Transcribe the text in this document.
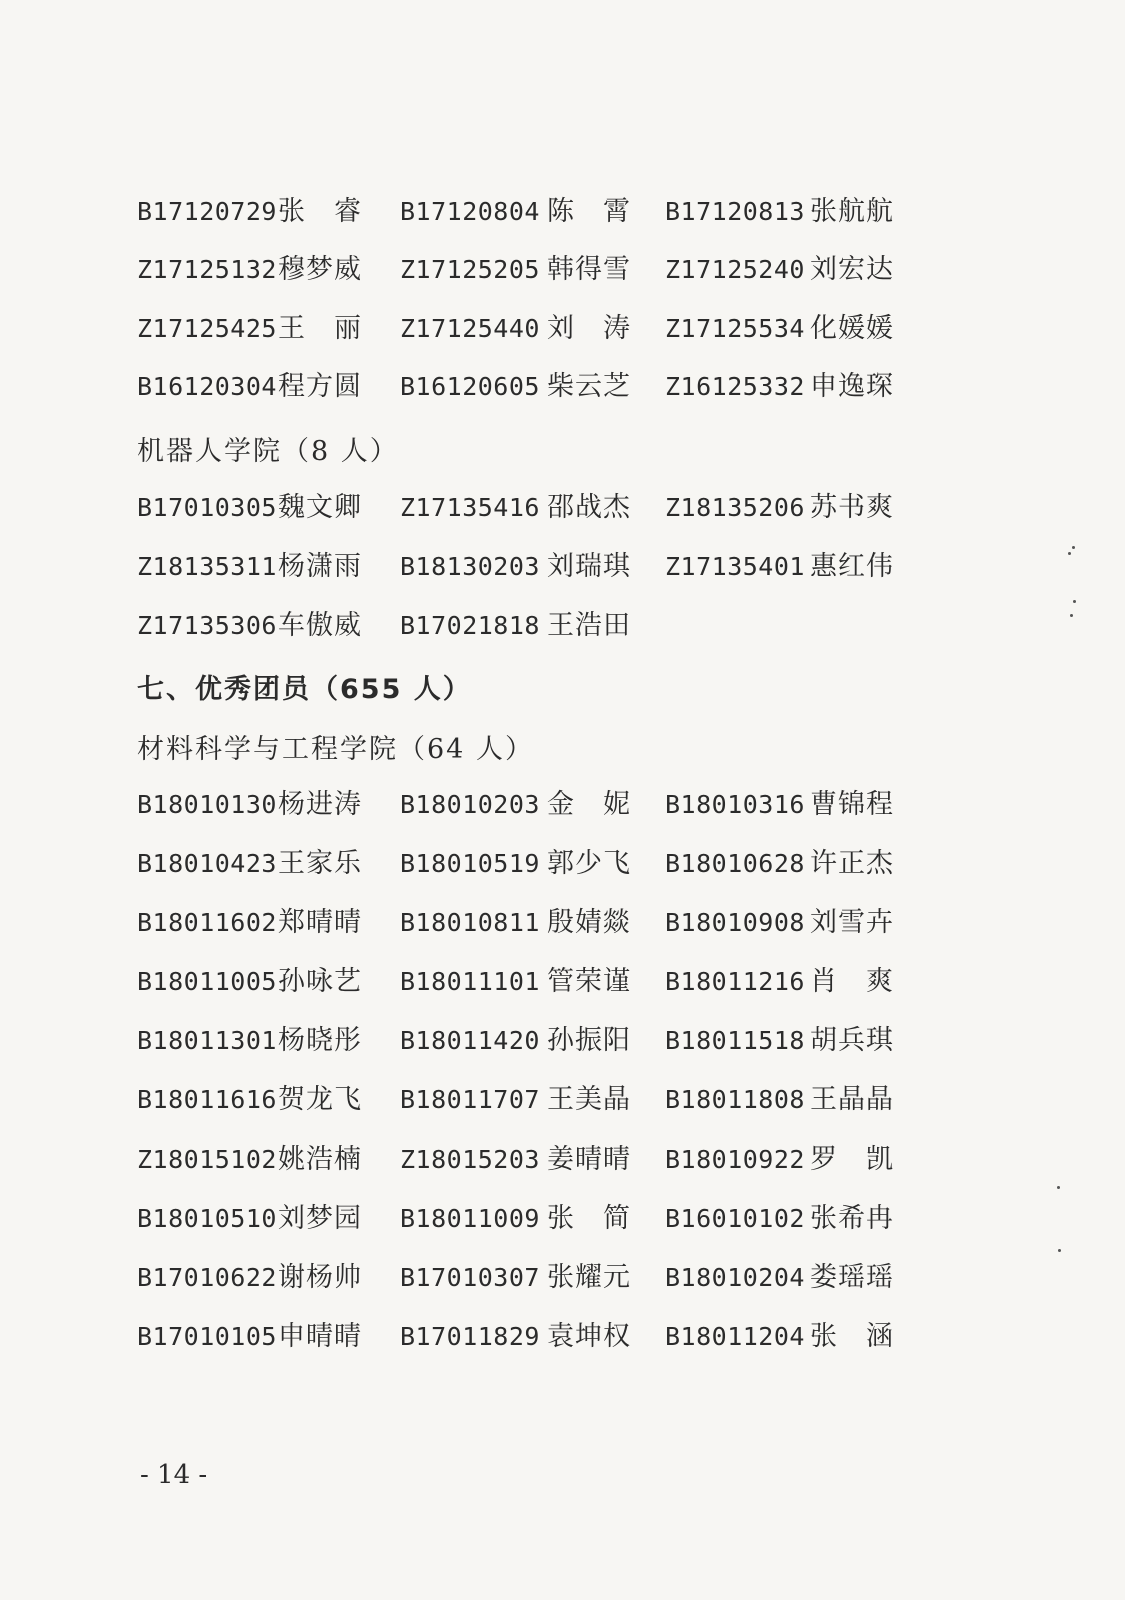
B17120729 张　睿 B17120804 陈　霄 B17120813 张航航
Z17125132 穆梦威 Z17125205 韩得雪 Z17125240 刘宏达
Z17125425 王　丽 Z17125440 刘　涛 Z17125534 化媛媛
B16120304 程方圆 B16120605 柴云芝 Z16125332 申逸琛
B17010305 魏文卿 Z17135416 邵战杰 Z18135206 苏书爽
Z18135311 杨潇雨 B18130203 刘瑞琪 Z17135401 惠红伟
Z17135306 车傲威 B17021818 王浩田
B18010130 杨进涛 B18010203 金　妮 B18010316 曹锦程
B18010423 王家乐 B18010519 郭少飞 B18010628 许正杰
B18011602 郑晴晴 B18010811 殷婧燚 B18010908 刘雪卉
B18011005 孙咏艺 B18011101 管荣谨 B18011216 肖　爽
B18011301 杨晓彤 B18011420 孙振阳 B18011518 胡兵琪
B18011616 贺龙飞 B18011707 王美晶 B18011808 王晶晶
Z18015102 姚浩楠 Z18015203 姜晴晴 B18010922 罗　凯
B18010510 刘梦园 B18011009 张　简 B16010102 张希冉
B17010622 谢杨帅 B17010307 张耀元 B18010204 娄瑶瑶
B17010105 申晴晴 B17011829 袁坤权 B18011204 张　涵
机器人学院（8 人）
七、优秀团员（655 人）
材料科学与工程学院（64 人）
- 14 -
